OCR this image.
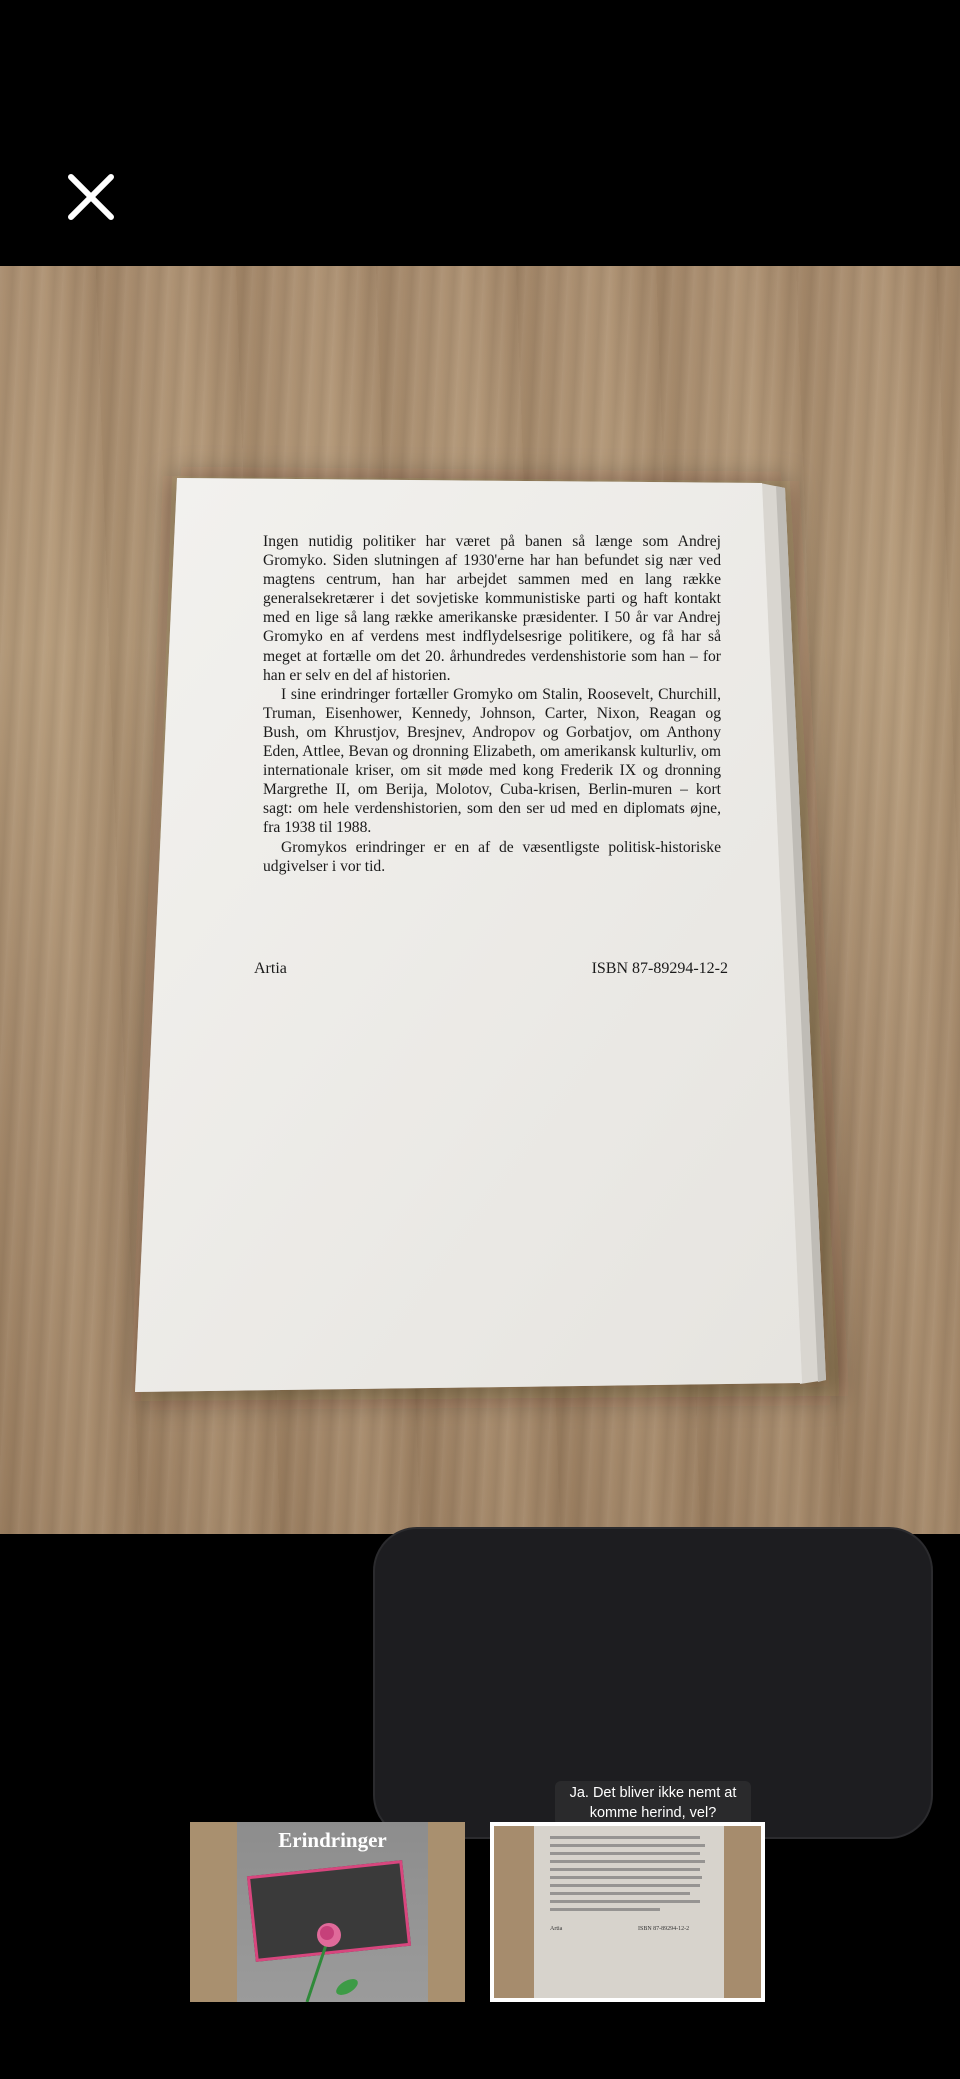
Ingen nutidig politiker har været på banen så længe som Andrej Gromyko. Siden slutningen af 1930'erne har han befundet sig nær ved magtens centrum, han har arbejdet sammen med en lang række generalsekretærer i det sovjetiske kommunistiske parti og haft kontakt med en lige så lang række amerikanske præsidenter. I 50 år var Andrej Gromyko en af verdens mest indflydelsesrige politikere, og få har så meget at fortælle om det 20. århundredes verdenshistorie som han – for han er selv en del af historien.

I sine erindringer fortæller Gromyko om Stalin, Roosevelt, Churchill, Truman, Eisenhower, Kennedy, Johnson, Carter, Nixon, Reagan og Bush, om Khrustjov, Bresjnev, Andropov og Gorbatjov, om Anthony Eden, Attlee, Bevan og dronning Elizabeth, om amerikansk kulturliv, om internationale kriser, om sit møde med kong Frederik IX og dronning Margrethe II, om Berija, Molotov, Cuba-krisen, Berlin-muren – kort sagt: om hele verdenshistorien, som den ser ud med en diplomats øjne, fra 1938 til 1988.

Gromykos erindringer er en af de væsentligste politisk-historiske udgivelser i vor tid.

Artia	ISBN 87-89294-12-2
Ja. Det bliver ikke nemt at komme herind, vel?
Erindringer
Artia	ISBN 87-89294-12-2
